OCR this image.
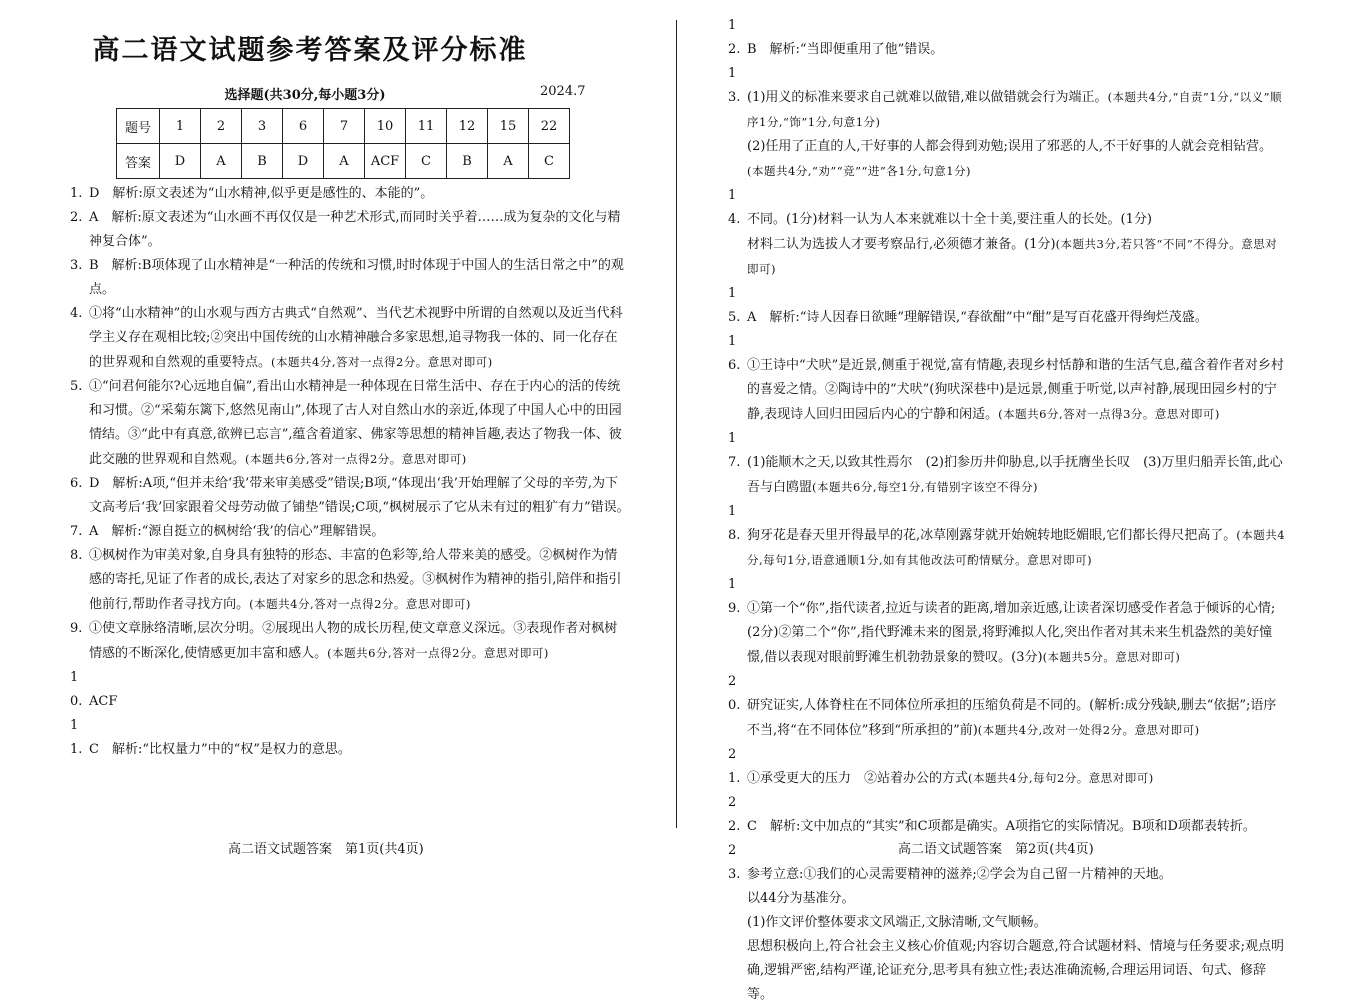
高二语文试题参考答案及评分标准
选择题(共30分,每小题3分)	2024.7
题号	1	2	3	6	7	10	11	12	15	22
答案	D	A	B	D	A	ACF	C	B	A	C
1. D　解析:原文表述为“山水精神,似乎更是感性的、本能的”。
2. A　解析:原文表述为“山水画不再仅仅是一种艺术形式,而同时关乎着……成为复杂的文化与精神复合体”。
3. B　解析:B项体现了山水精神是“一种活的传统和习惯,时时体现于中国人的生活日常之中”的观点。
4. ①将“山水精神”的山水观与西方古典式“自然观”、当代艺术视野中所谓的自然观以及近当代科学主义存在观相比较;②突出中国传统的山水精神融合多家思想,追寻物我一体的、同一化存在的世界观和自然观的重要特点。(本题共4分,答对一点得2分。意思对即可)
5. ①“问君何能尔?心远地自偏”,看出山水精神是一种体现在日常生活中、存在于内心的活的传统和习惯。②“采菊东篱下,悠然见南山”,体现了古人对自然山水的亲近,体现了中国人心中的田园情结。③“此中有真意,欲辨已忘言”,蕴含着道家、佛家等思想的精神旨趣,表达了物我一体、彼此交融的世界观和自然观。(本题共6分,答对一点得2分。意思对即可)
6. D　解析:A项,“但并未给‘我’带来审美感受”错误;B项,“体现出‘我’开始理解了父母的辛劳,为下文高考后‘我’回家跟着父母劳动做了铺垫”错误;C项,“枫树展示了它从未有过的粗犷有力”错误。
7. A　解析:“源自挺立的枫树给‘我’的信心”理解错误。
8. ①枫树作为审美对象,自身具有独特的形态、丰富的色彩等,给人带来美的感受。②枫树作为情感的寄托,见证了作者的成长,表达了对家乡的思念和热爱。③枫树作为精神的指引,陪伴和指引他前行,帮助作者寻找方向。(本题共4分,答对一点得2分。意思对即可)
9. ①使文章脉络清晰,层次分明。②展现出人物的成长历程,使文章意义深远。③表现作者对枫树情感的不断深化,使情感更加丰富和感人。(本题共6分,答对一点得2分。意思对即可)
10. ACF
11. C　解析:“比权量力”中的“权”是权力的意思。
12. B　解析:“当即便重用了他”错误。
13. (1)用义的标准来要求自己就难以做错,难以做错就会行为端正。(本题共4分,“自责”1分,“以义”顺序1分,“饰”1分,句意1分)
(2)任用了正直的人,干好事的人都会得到劝勉;误用了邪恶的人,不干好事的人就会竞相钻营。(本题共4分,“劝”“竞”“进”各1分,句意1分)
14. 不同。(1分)材料一认为人本来就难以十全十美,要注重人的长处。(1分)
材料二认为选拔人才要考察品行,必须德才兼备。(1分)(本题共3分,若只答“不同”不得分。意思对即可)
15. A　解析:“诗人因春日欲睡”理解错误,“春欲酣”中“酣”是写百花盛开得绚烂茂盛。
16. ①王诗中“犬吠”是近景,侧重于视觉,富有情趣,表现乡村恬静和谐的生活气息,蕴含着作者对乡村的喜爱之情。②陶诗中的“犬吠”(狗吠深巷中)是远景,侧重于听觉,以声衬静,展现田园乡村的宁静,表现诗人回归田园后内心的宁静和闲适。(本题共6分,答对一点得3分。意思对即可)
17. (1)能顺木之天,以致其性焉尔　(2)扪参历井仰胁息,以手抚膺坐长叹　(3)万里归船弄长笛,此心吾与白鸥盟(本题共6分,每空1分,有错别字该空不得分)
18. 狗牙花是春天里开得最早的花,冰草刚露芽就开始婉转地眨媚眼,它们都长得尺把高了。(本题共4分,每句1分,语意通顺1分,如有其他改法可酌情赋分。意思对即可)
19. ①第一个“你”,指代读者,拉近与读者的距离,增加亲近感,让读者深切感受作者急于倾诉的心情;(2分)②第二个“你”,指代野滩未来的图景,将野滩拟人化,突出作者对其未来生机盎然的美好憧憬,借以表现对眼前野滩生机勃勃景象的赞叹。(3分)(本题共5分。意思对即可)
20. 研究证实,人体脊柱在不同体位所承担的压缩负荷是不同的。(解析:成分残缺,删去“依据”;语序不当,将“在不同体位”移到“所承担的”前)(本题共4分,改对一处得2分。意思对即可)
21. ①承受更大的压力　②站着办公的方式(本题共4分,每句2分。意思对即可)
22. C　解析:文中加点的“其实”和C项都是确实。A项指它的实际情况。B项和D项都表转折。
23. 参考立意:①我们的心灵需要精神的滋养;②学会为自己留一片精神的天地。
以44分为基准分。
(1)作文评价整体要求文风端正,文脉清晰,文气顺畅。
思想积极向上,符合社会主义核心价值观;内容切合题意,符合试题材料、情境与任务要求;观点明确,逻辑严密,结构严谨,论证充分,思考具有独立性;表达准确流畅,合理运用词语、句式、修辞等。
高二语文试题答案　第1页(共4页)	高二语文试题答案　第2页(共4页)
